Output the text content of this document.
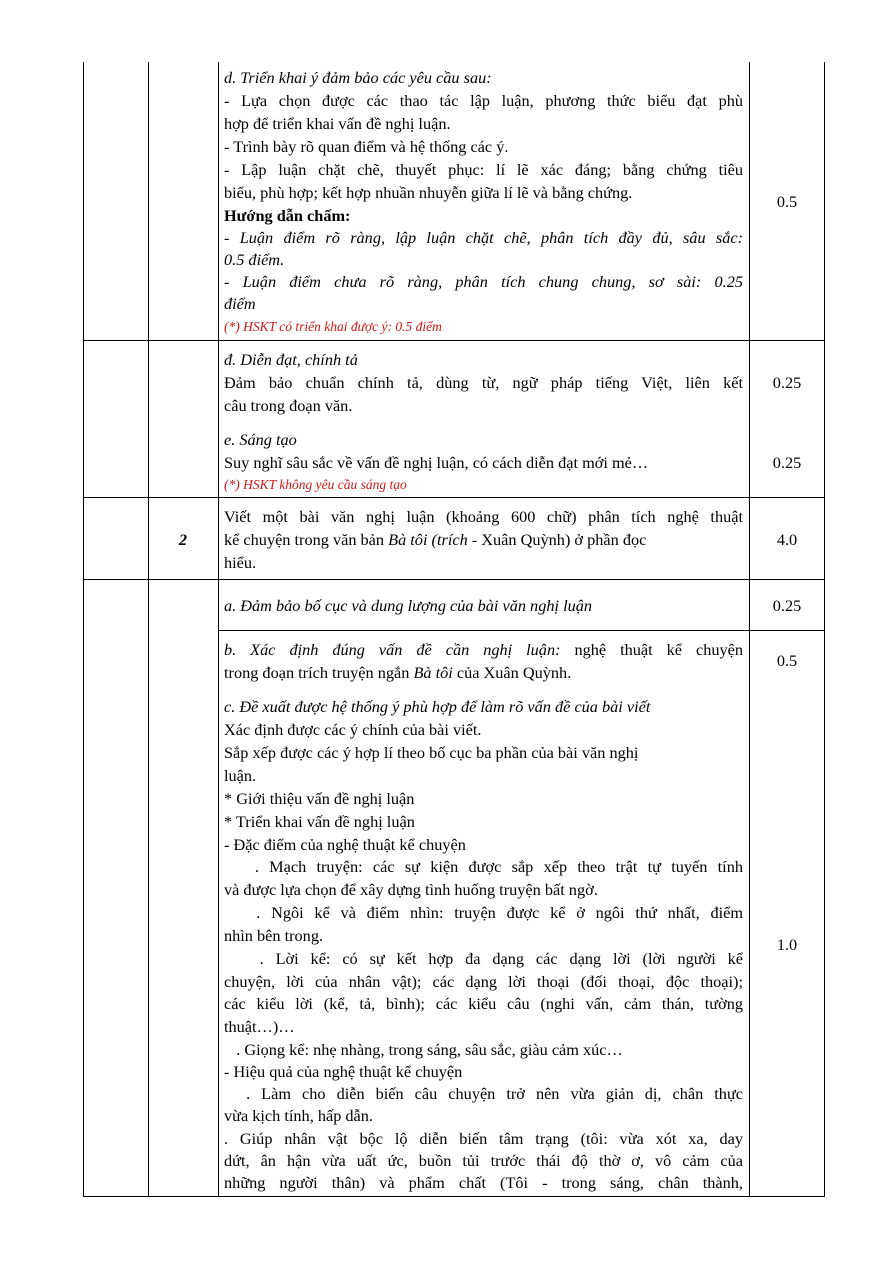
d. Triển khai ý đảm bảo các yêu cầu sau:
- Lựa chọn được các thao tác lập luận, phương thức biểu đạt phù
hợp để triển khai vấn đề nghị luận.
- Trình bày rõ quan điểm và hệ thống các ý.
- Lập luận chặt chẽ, thuyết phục: lí lẽ xác đáng; bằng chứng tiêu
biểu, phù hợp; kết hợp nhuần nhuyễn giữa lí lẽ và bằng chứng.
Hướng dẫn chấm:
- Luận điểm rõ ràng, lập luận chặt chẽ, phân tích đầy đủ, sâu sắc:
0.5 điểm.
- Luận điểm chưa rõ ràng, phân tích chung chung, sơ sài: 0.25
điểm
(*) HSKT có triển khai được ý: 0.5 điểm
0.5
đ. Diễn đạt, chính tả
Đảm bảo chuẩn chính tả, dùng từ, ngữ pháp tiếng Việt, liên kết
câu trong đoạn văn.
0.25
e. Sáng tạo
Suy nghĩ sâu sắc về vấn đề nghị luận, có cách diễn đạt mới mẻ…
(*) HSKT không yêu cầu sáng tạo
0.25
2
Viết một bài văn nghị luận (khoảng 600 chữ) phân tích nghệ thuật
kể chuyện trong văn bản Bà tôi (trích - Xuân Quỳnh) ở phần đọc
hiểu.
4.0
a. Đảm bảo bố cục và dung lượng của bài văn nghị luận	0.25
b. Xác định đúng vấn đề cần nghị luận: nghệ thuật kể chuyện
trong đoạn trích truyện ngắn Bà tôi của Xuân Quỳnh.
0.5
c. Đề xuất được hệ thống ý phù hợp để làm rõ vấn đề của bài viết
Xác định được các ý chính của bài viết.
Sắp xếp được các ý hợp lí theo bố cục ba phần của bài văn nghị
luận.
* Giới thiệu vấn đề nghị luận
* Triển khai vấn đề nghị luận
- Đặc điểm của nghệ thuật kể chuyện
. Mạch truyện: các sự kiện được sắp xếp theo trật tự tuyến tính
và được lựa chọn để xây dựng tình huống truyện bất ngờ.
. Ngôi kể và điểm nhìn: truyện được kể ở ngôi thứ nhất, điểm
nhìn bên trong.
. Lời kể: có sự kết hợp đa dạng các dạng lời (lời người kể
chuyện, lời của nhân vật); các dạng lời thoại (đối thoại, độc thoại);
các kiểu lời (kể, tả, bình); các kiểu câu (nghi vấn, cảm thán, tường
thuật…)…
. Giọng kể: nhẹ nhàng, trong sáng, sâu sắc, giàu cảm xúc…
- Hiệu quả của nghệ thuật kể chuyện
. Làm cho diễn biến câu chuyện trở nên vừa giản dị, chân thực
vừa kịch tính, hấp dẫn.
. Giúp nhân vật bộc lộ diễn biến tâm trạng (tôi: vừa xót xa, day
dứt, ân hận vừa uất ức, buồn tủi trước thái độ thờ ơ, vô cảm của
những người thân) và phẩm chất (Tôi - trong sáng, chân thành,
1.0
